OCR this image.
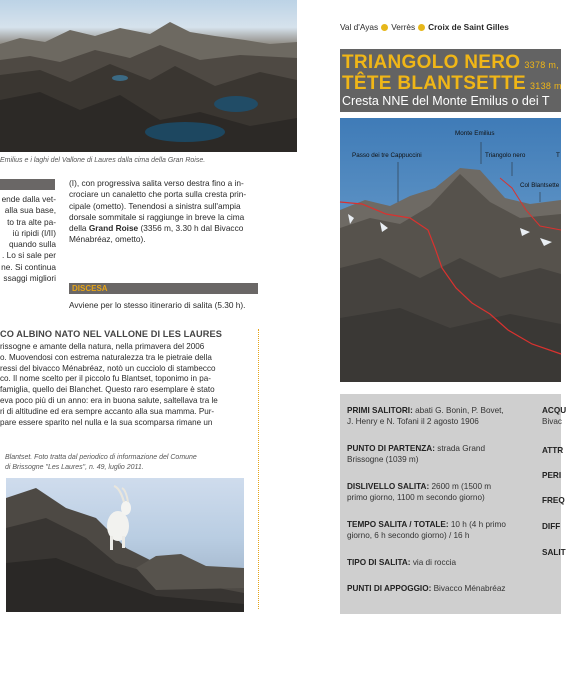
Emilius e i laghi del Vallone di Laures dalla cima della Gran Roise.
ende dalla vet-
alla sua base,
to tra alte pa-
iù ripidi (I/II)
quando sulla
. Lo si sale per
ne. Si continua
ssaggi migliori
(I), con progressiva salita verso destra fino a in-
crociare un canaletto che porta sulla cresta prin-
cipale (ometto). Tenendosi a sinistra sull'ampia
dorsale sommitale si raggiunge in breve la cima
della Grand Roise (3356 m, 3.30 h dal Bivacco
Ménabréaz, ometto).
DISCESA
Avviene per lo stesso itinerario di salita (5.30 h).
CO ALBINO NATO NEL VALLONE DI LES LAURES
rissogne e amante della natura, nella primavera del 2006
o. Muovendosi con estrema naturalezza tra le pietraie della
ressi del bivacco Ménabréaz, notò un cucciolo di stambecco
co. Il nome scelto per il piccolo fu Blantset, toponimo in pa-
famiglia, quello dei Blanchet. Questo raro esemplare è stato
eva poco più di un anno: era in buona salute, saltellava tra le
ri di altitudine ed era sempre accanto alla sua mamma. Pur-
pare essere sparito nel nulla e la sua scomparsa rimane un
Blantset. Foto tratta dal periodico di informazione del Comune
di Brissogne "Les Laures", n. 49, luglio 2011.
Val d'Ayas Verrès Croix de Saint Gilles
TRIANGOLO NERO 3378 m,
TÊTE BLANTSETTE 3138 m
Cresta NNE del Monte Emilus o dei T
Monte Emilius
Passo dei tre Cappuccini	Triangolo nero	T
Col Blantsette
PRIMI SALITORI: abati G. Bonin, P. Bovet,
J. Henry e N. Tofani il 2 agosto 1906
PUNTO DI PARTENZA: strada Grand
Brissogne (1039 m)
DISLIVELLO SALITA: 2600 m (1500 m
primo giorno, 1100 m secondo giorno)
TEMPO SALITA / TOTALE: 10 h (4 h primo
giorno, 6 h secondo giorno) / 16 h
TIPO DI SALITA: via di roccia
PUNTI DI APPOGGIO: Bivacco Ménabréaz
ACQU
Bivac
ATTR
PERI
FREQ
DIFF
SALIT
